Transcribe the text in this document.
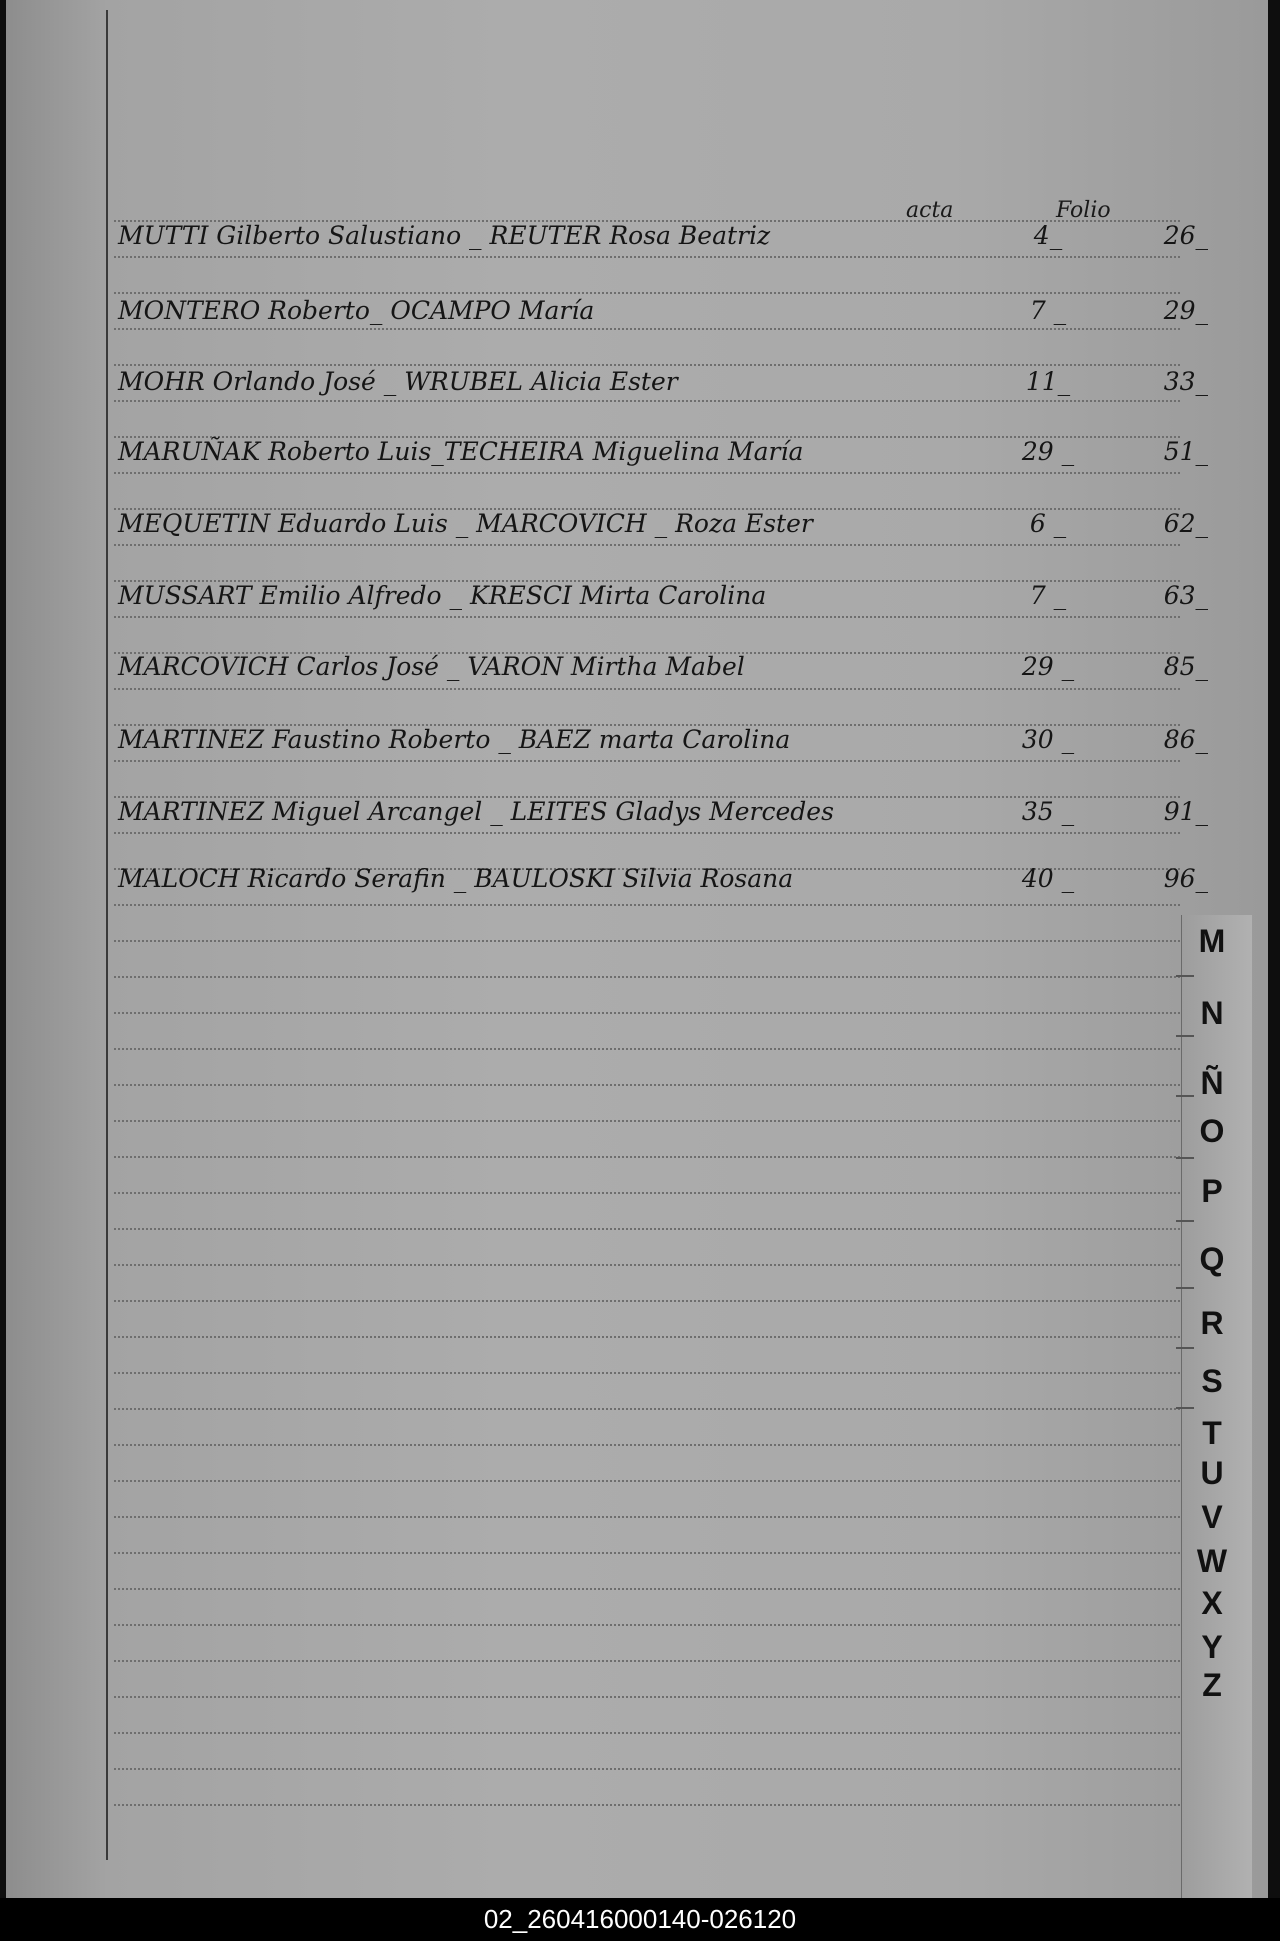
acta	Folio
MUTTI Gilberto Salustiano _ REUTER Rosa Beatriz	4_	26_
MONTERO Roberto_ OCAMPO María	7 _	29_
MOHR Orlando José _ WRUBEL Alicia Ester	11_	33_
MARUÑAK Roberto Luis_TECHEIRA Miguelina María	29 _	51_
MEQUETIN Eduardo Luis _ MARCOVICH _ Roza Ester	6 _	62_
MUSSART Emilio Alfredo _ KRESCI Mirta Carolina	7 _	63_
MARCOVICH Carlos José _ VARON Mirtha Mabel	29 _	85_
MARTINEZ Faustino Roberto _ BAEZ marta Carolina	30 _	86_
MARTINEZ Miguel Arcangel _ LEITES Gladys Mercedes	35 _	91_
MALOCH Ricardo Serafin _ BAULOSKI Silvia Rosana	40 _	96_
M
N
Ñ
O
P
Q
R
S
T
U
V
W
X
Y
Z
02_260416000140-026120
